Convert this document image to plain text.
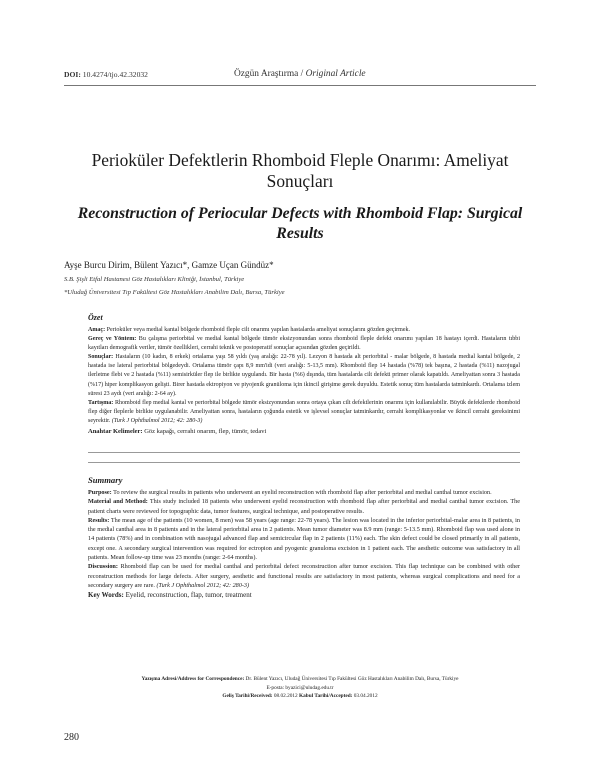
DOI: 10.4274/tjo.42.32032	Özgün Araştırma / Original Article
Perioküler Defektlerin Rhomboid Fleple Onarımı: Ameliyat Sonuçları
Reconstruction of Periocular Defects with Rhomboid Flap: Surgical Results
Ayşe Burcu Dirim, Bülent Yazıcı*, Gamze Uçan Gündüz*
S.B. Şişli Etfal Hastanesi Göz Hastalıkları Kliniği, İstanbul, Türkiye
*Uludağ Üniversitesi Tıp Fakültesi Göz Hastalıkları Anabilim Dalı, Bursa, Türkiye
Özet

Amaç: Perioküler veya medial kantal bölgede rhomboid fleple cilt onarımı yapılan hastalarda ameliyat sonuçlarını gözden geçirmek.

Gereç ve Yöntem: Bu çalışma periorbital ve medial kantal bölgede tümör eksizyonundan sonra rhomboid fleple defekt onarımı yapılan 18 hastayı içerdi. Hastaların tıbbi kayıtları demografik veriler, tümör özellikleri, cerrahi teknik ve postoperatif sonuçlar açısından gözden geçirildi.

Sonuçlar: Hastaların (10 kadın, 8 erkek) ortalama yaşı 58 yıldı (yaş aralığı: 22-78 yıl). Lezyon 8 hastada alt periorbital - malar bölgede, 8 hastada medial kantal bölgede, 2 hastada ise lateral periorbital bölgedeydi. Ortalama tümör çapı 8,9 mm'idi (veri aralığı: 5-13,5 mm). Rhomboid flep 14 hastada (%78) tek başına, 2 hastada (%11) nazojugal ilerletme flebi ve 2 hastada (%11) semisirküler flep ile birlikte uygulandı. Bir hasta (%6) dışında, tüm hastalarda cilt defekti primer olarak kapatıldı. Ameliyattan sonra 3 hastada (%17) hiper komplikasyon gelişti. Birer hastada ektropiyon ve piyojenik granüloma için ikincil girişime gerek duyuldu. Estetik sonuç tüm hastalarda tatminkardı. Ortalama izlem süresi 23 aydı (veri aralığı: 2-64 ay).

Tartışma: Rhomboid flep medial kantal ve periorbital bölgede tümör eksizyonundan sonra ortaya çıkan cilt defektlerinin onarımı için kullanılabilir. Büyük defektlerde rhomboid flep diğer fleplerle birlikte uygulanabilir. Ameliyattan sonra, hastaların çoğunda estetik ve işlevsel sonuçlar tatminkardır, cerrahi komplikasyonlar ve ikincil cerrahi gereksinimi seyrektir. (Turk J Ophthalmol 2012; 42: 280-3)

Anahtar Kelimeler: Göz kapağı, cerrahi onarım, flep, tümör, tedavi

Summary

Purpose: To review the surgical results in patients who underwent an eyelid reconstruction with rhomboid flap after periorbital and medial canthal tumor excision.

Material and Method: This study included 18 patients who underwent eyelid reconstruction with rhomboid flap after periorbital and medial canthal tumor excision. The patient charts were reviewed for topographic data, tumor features, surgical technique, and postoperative results.

Results: The mean age of the patients (10 women, 8 men) was 58 years (age range: 22-78 years). The lesion was located in the inferior periorbital-malar area in 8 patients, in the medial canthal area in 8 patients and in the lateral periorbital area in 2 patients. Mean tumor diameter was 8.9 mm (range: 5-13.5 mm). Rhomboid flap was used alone in 14 patients (78%) and in combination with nasojugal advanced flap and semicircular flap in 2 patients (11%) each. The skin defect could be closed primarily in all patients, except one. A secondary surgical intervention was required for ectropion and pyogenic granuloma excision in 1 patient each. The aesthetic outcome was satisfactory in all patients. Mean follow-up time was 23 months (range: 2-64 months).

Discussion: Rhomboid flap can be used for medial canthal and periorbital defect reconstruction after tumor excision. This flap technique can be combined with other reconstruction methods for large defects. After surgery, aesthetic and functional results are satisfactory in most patients, whereas surgical complications and need for a secondary surgery are rare. (Turk J Ophthalmol 2012; 42: 280-3)

Key Words: Eyelid, reconstruction, flap, tumor, treatment

Yazışma Adresi/Address for Correspondence: Dr. Bülent Yazıcı, Uludağ Üniversitesi Tıp Fakültesi Göz Hastalıkları Anabilim Dalı, Bursa, Türkiye
E-posta: byazici@uludag.edu.tr
Geliş Tarihi/Received: 08.02.2012 Kabul Tarihi/Accepted: 03.04.2012
280
